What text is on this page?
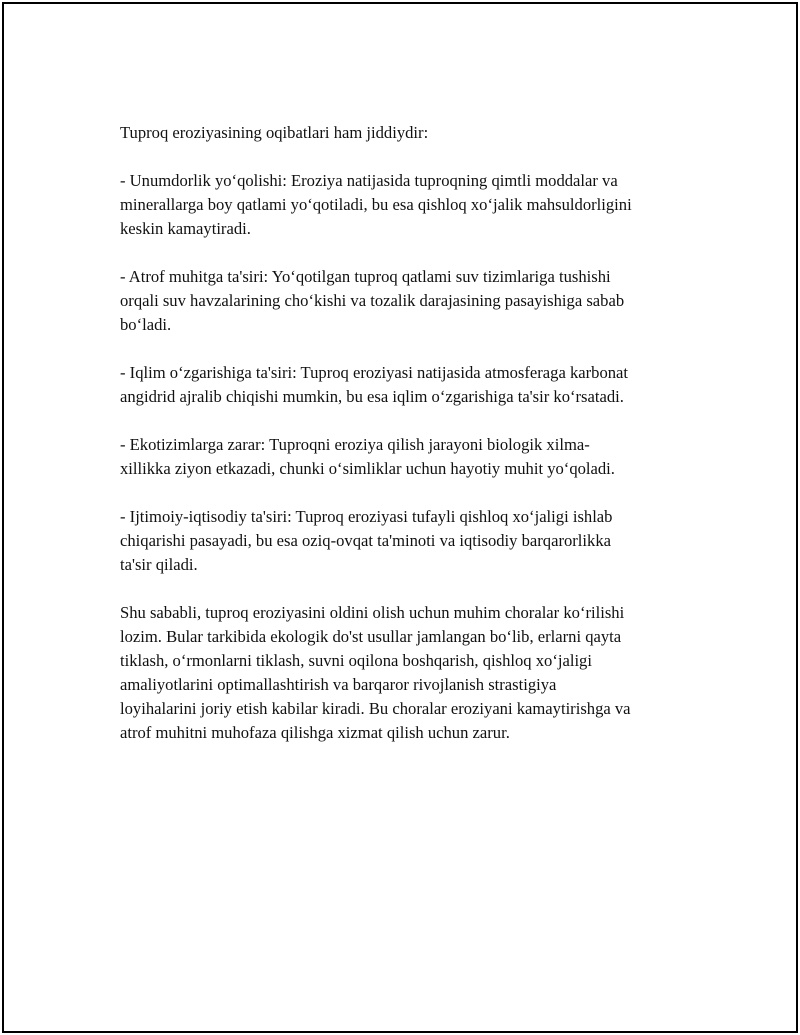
Tuproq eroziyasining oqibatlari ham jiddiydir:

- Unumdorlik yoʻqolishi: Eroziya natijasida tuproqning qimtli moddalar va
minerallarga boy qatlami yoʻqotiladi, bu esa qishloq xoʻjalik mahsuldorligini
keskin kamaytiradi.

- Atrof muhitga ta'siri: Yoʻqotilgan tuproq qatlami suv tizimlariga tushishi
orqali suv havzalarining choʻkishi va tozalik darajasining pasayishiga sabab
boʻladi.

- Iqlim oʻzgarishiga ta'siri: Tuproq eroziyasi natijasida atmosferaga karbonat
angidrid ajralib chiqishi mumkin, bu esa iqlim oʻzgarishiga ta'sir koʻrsatadi.

- Ekotizimlarga zarar: Tuproqni eroziya qilish jarayoni biologik xilma-
xillikka ziyon etkazadi, chunki oʻsimliklar uchun hayotiy muhit yoʻqoladi.

- Ijtimoiy-iqtisodiy ta'siri: Tuproq eroziyasi tufayli qishloq xoʻjaligi ishlab
chiqarishi pasayadi, bu esa oziq-ovqat ta'minoti va iqtisodiy barqarorlikka
ta'sir qiladi.

Shu sababli, tuproq eroziyasini oldini olish uchun muhim choralar koʻrilishi
lozim. Bular tarkibida ekologik do'st usullar jamlangan boʻlib, erlarni qayta
tiklash, oʻrmonlarni tiklash, suvni oqilona boshqarish, qishloq xoʻjaligi
amaliyotlarini optimallashtirish va barqaror rivojlanish strastigiya
loyihalarini joriy etish kabilar kiradi. Bu choralar eroziyani kamaytirishga va
atrof muhitni muhofaza qilishga xizmat qilish uchun zarur.
